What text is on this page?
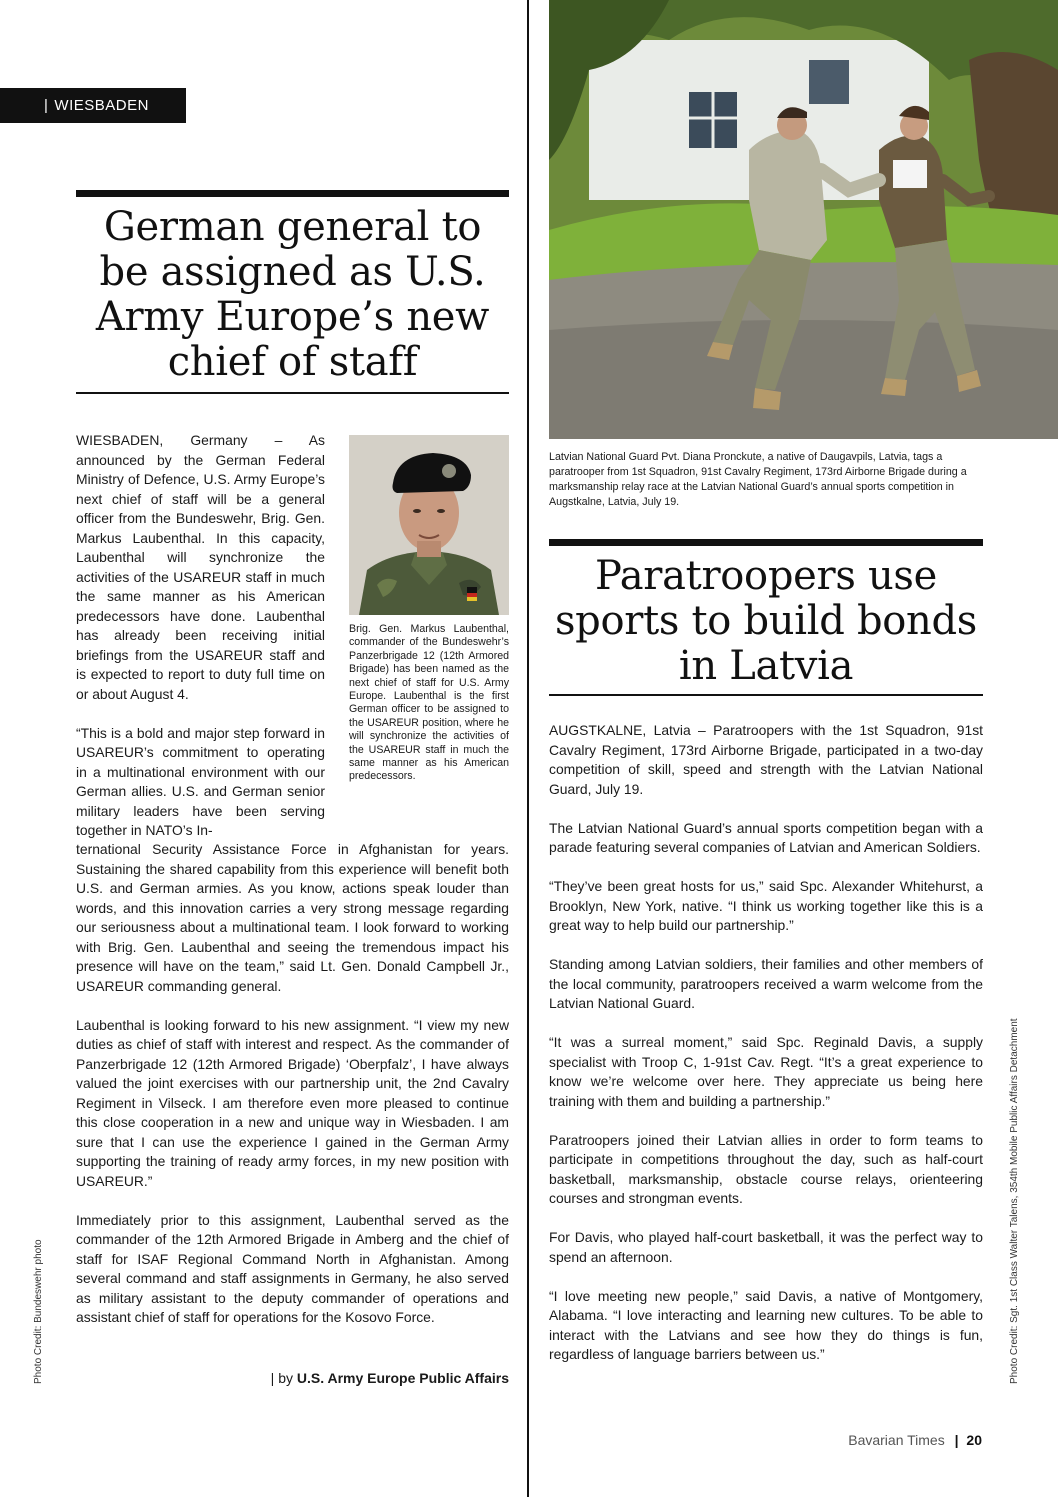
| WIESBADEN
German general to be assigned as U.S. Army Europe’s new chief of staff

WIESBADEN, Germany – As announced by the German Federal Ministry of Defence, U.S. Army Europe’s next chief of staff will be a general officer from the Bundeswehr, Brig. Gen. Markus Laubenthal. In this capacity, Laubenthal will synchronize the activities of the USAREUR staff in much the same manner as his American predecessors have done. Laubenthal has already been receiving initial briefings from the USAREUR staff and is expected to report to duty full time on or about August 4.

“This is a bold and major step forward in USAREUR’s commitment to operating in a multinational environment with our German allies. U.S. and German senior military leaders have been serving together in NATO’s In-

Brig. Gen. Markus Laubenthal, commander of the Bundeswehr’s Panzerbrigade 12 (12th Armored Brigade) has been named as the next chief of staff for U.S. Army Europe. Laubenthal is the first German officer to be assigned to the USAREUR position, where he will synchronize the activities of the USAREUR staff in much the same manner as his American predecessors.

ternational Security Assistance Force in Afghanistan for years. Sustaining the shared capability from this experience will benefit both U.S. and German armies. As you know, actions speak louder than words, and this innovation carries a very strong message regarding our seriousness about a multinational team. I look forward to working with Brig. Gen. Laubenthal and seeing the tremendous impact his presence will have on the team,” said Lt. Gen. Donald Campbell Jr., USAREUR commanding general.

Laubenthal is looking forward to his new assignment. “I view my new duties as chief of staff with interest and respect. As the commander of Panzerbrigade 12 (12th Armored Brigade) ‘Oberpfalz’, I have always valued the joint exercises with our partnership unit, the 2nd Cavalry Regiment in Vilseck. I am therefore even more pleased to continue this close cooperation in a new and unique way in Wiesbaden. I am sure that I can use the experience I gained in the German Army supporting the training of ready army forces, in my new position with USAREUR.”

Immediately prior to this assignment, Laubenthal served as the commander of the 12th Armored Brigade in Amberg and the chief of staff for ISAF Regional Command North in Afghanistan. Among several command and staff assignments in Germany, he also served as military assistant to the deputy commander of operations and assistant chief of staff for operations for the Kosovo Force.

| by U.S. Army Europe Public Affairs
Photo Credit: Bundeswehr photo
Latvian National Guard Pvt. Diana Pronckute, a native of Daugavpils, Latvia, tags a paratrooper from 1st Squadron, 91st Cavalry Regiment, 173rd Airborne Brigade during a marksmanship relay race at the Latvian National Guard’s annual sports competition in Augstkalne, Latvia, July 19.
Paratroopers use sports to build bonds in Latvia

AUGSTKALNE, Latvia – Paratroopers with the 1st Squadron, 91st Cavalry Regiment, 173rd Airborne Brigade, participated in a two-day competition of skill, speed and strength with the Latvian National Guard, July 19.

The Latvian National Guard’s annual sports competition began with a parade featuring several companies of Latvian and American Soldiers.

“They’ve been great hosts for us,” said Spc. Alexander Whitehurst, a Brooklyn, New York, native. “I think us working together like this is a great way to help build our partnership.”

Standing among Latvian soldiers, their families and other members of the local community, paratroopers received a warm welcome from the Latvian National Guard.

“It was a surreal moment,” said Spc. Reginald Davis, a supply specialist with Troop C, 1-91st Cav. Regt. “It’s a great experience to know we’re welcome over here. They appreciate us being here training with them and building a partnership.”

Paratroopers joined their Latvian allies in order to form teams to participate in competitions throughout the day, such as half-court basketball, marksmanship, obstacle course relays, orienteering courses and strongman events.

For Davis, who played half-court basketball, it was the perfect way to spend an afternoon.

“I love meeting new people,” said Davis, a native of Montgomery, Alabama. “I love interacting and learning new cultures. To be able to interact with the Latvians and see how they do things is fun, regardless of language barriers between us.”	Photo Credit: Sgt. 1st Class Walter Talens, 354th Mobile Public Affairs Detachment
Bavarian Times | 20
